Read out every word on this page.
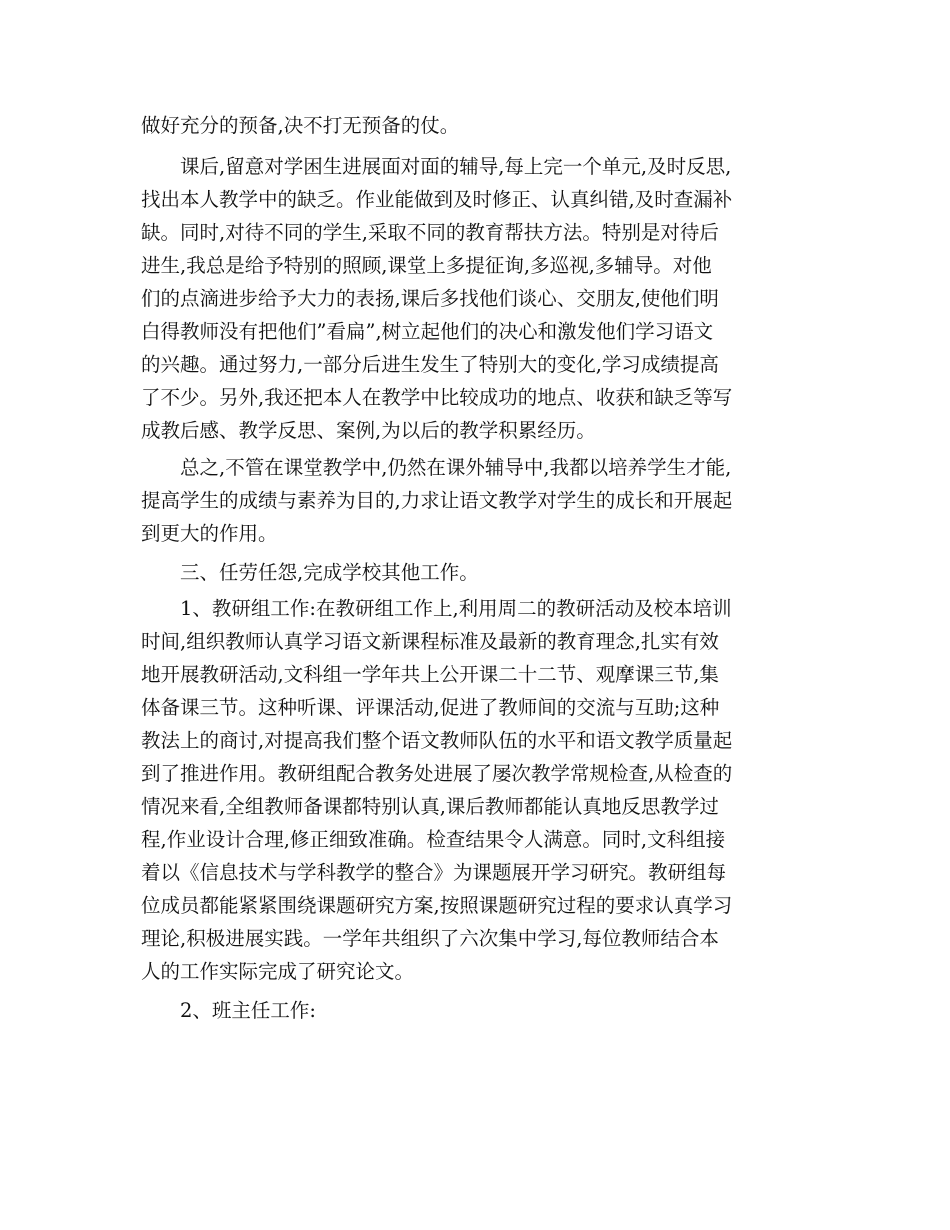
做好充分的预备,决不打无预备的仗。

课后,留意对学困生进展面对面的辅导,每上完一个单元,及时反思,

找出本人教学中的缺乏。作业能做到及时修正、认真纠错,及时查漏补

缺。同时,对待不同的学生,采取不同的教育帮扶方法。特别是对待后

进生,我总是给予特别的照顾,课堂上多提征询,多巡视,多辅导。对他

们的点滴进步给予大力的表扬,课后多找他们谈心、交朋友,使他们明

白得教师没有把他们”看扁”,树立起他们的决心和激发他们学习语文

的兴趣。通过努力,一部分后进生发生了特别大的变化,学习成绩提高

了不少。另外,我还把本人在教学中比较成功的地点、收获和缺乏等写

成教后感、教学反思、案例,为以后的教学积累经历。

总之,不管在课堂教学中,仍然在课外辅导中,我都以培养学生才能,

提高学生的成绩与素养为目的,力求让语文教学对学生的成长和开展起

到更大的作用。

三、任劳任怨,完成学校其他工作。

1、教研组工作:在教研组工作上,利用周二的教研活动及校本培训

时间,组织教师认真学习语文新课程标准及最新的教育理念,扎实有效

地开展教研活动,文科组一学年共上公开课二十二节、观摩课三节,集

体备课三节。这种听课、评课活动,促进了教师间的交流与互助;这种

教法上的商讨,对提高我们整个语文教师队伍的水平和语文教学质量起

到了推进作用。教研组配合教务处进展了屡次教学常规检查,从检查的

情况来看,全组教师备课都特别认真,课后教师都能认真地反思教学过

程,作业设计合理,修正细致准确。检查结果令人满意。同时,文科组接

着以《信息技术与学科教学的整合》为课题展开学习研究。教研组每

位成员都能紧紧围绕课题研究方案,按照课题研究过程的要求认真学习

理论,积极进展实践。一学年共组织了六次集中学习,每位教师结合本

人的工作实际完成了研究论文。

2、班主任工作:
